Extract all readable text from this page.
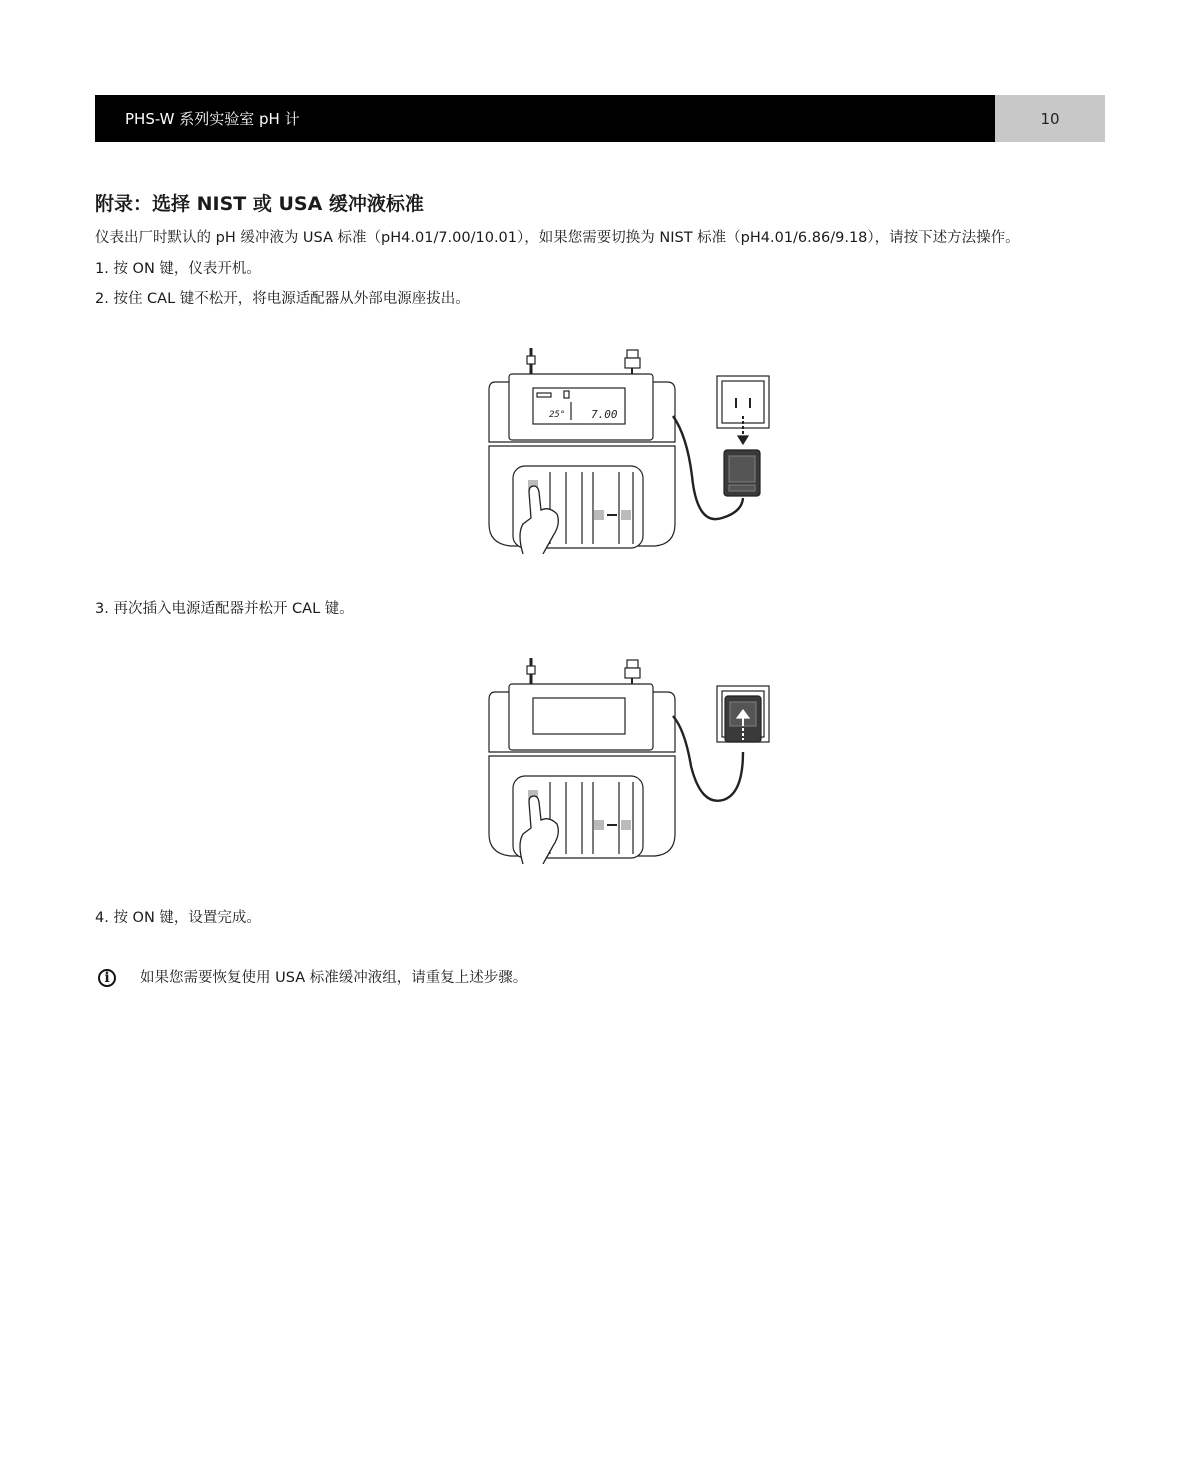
PHS-W 系列实验室 pH 计	10
附录：选择 NIST 或 USA 缓冲液标准

仪表出厂时默认的 pH 缓冲液为 USA 标准（pH4.01/7.00/10.01），如果您需要切换为 NIST 标准（pH4.01/6.86/9.18），请按下述方法操作。

1. 按 ON 键，仪表开机。

2. 按住 CAL 键不松开，将电源适配器从外部电源座拔出。

3. 再次插入电源适配器并松开 CAL 键。

4. 按 ON 键，设置完成。

i	如果您需要恢复使用 USA 标准缓冲液组，请重复上述步骤。
25° 7.00
